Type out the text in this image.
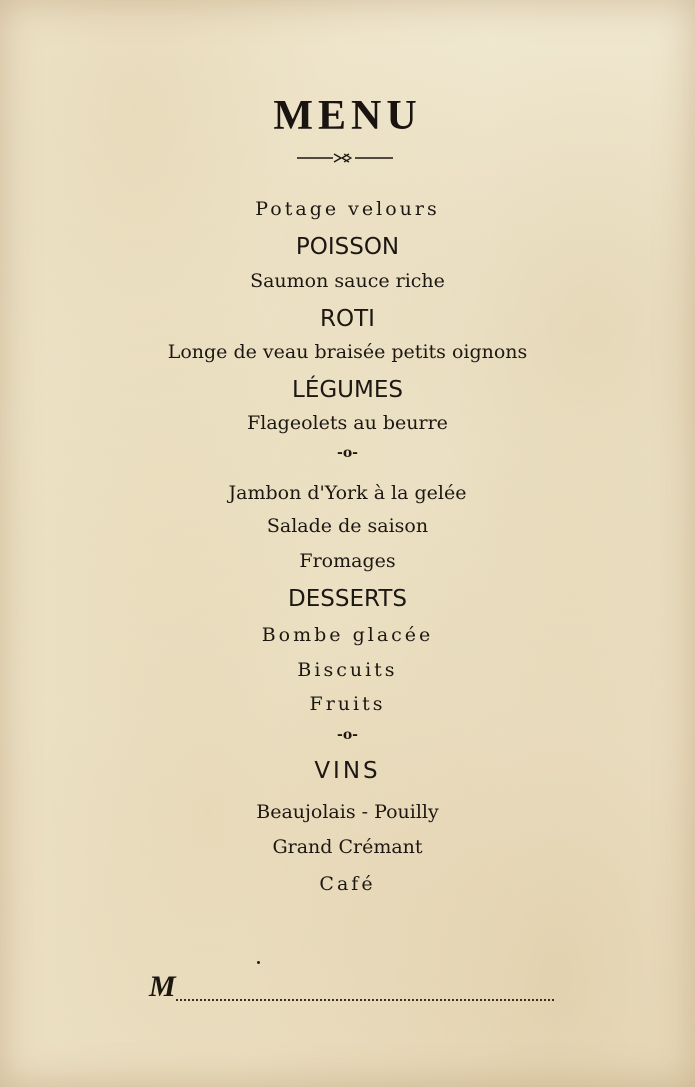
MENU
Potage velours
POISSON
Saumon sauce riche
ROTI
Longe de veau braisée petits oignons
LÉGUMES
Flageolets au beurre
-o-
Jambon d'York à la gelée
Salade de saison
Fromages
DESSERTS
Bombe glacée
Biscuits
Fruits
-o-
VINS
Beaujolais - Pouilly
Grand Crémant
Café
M
